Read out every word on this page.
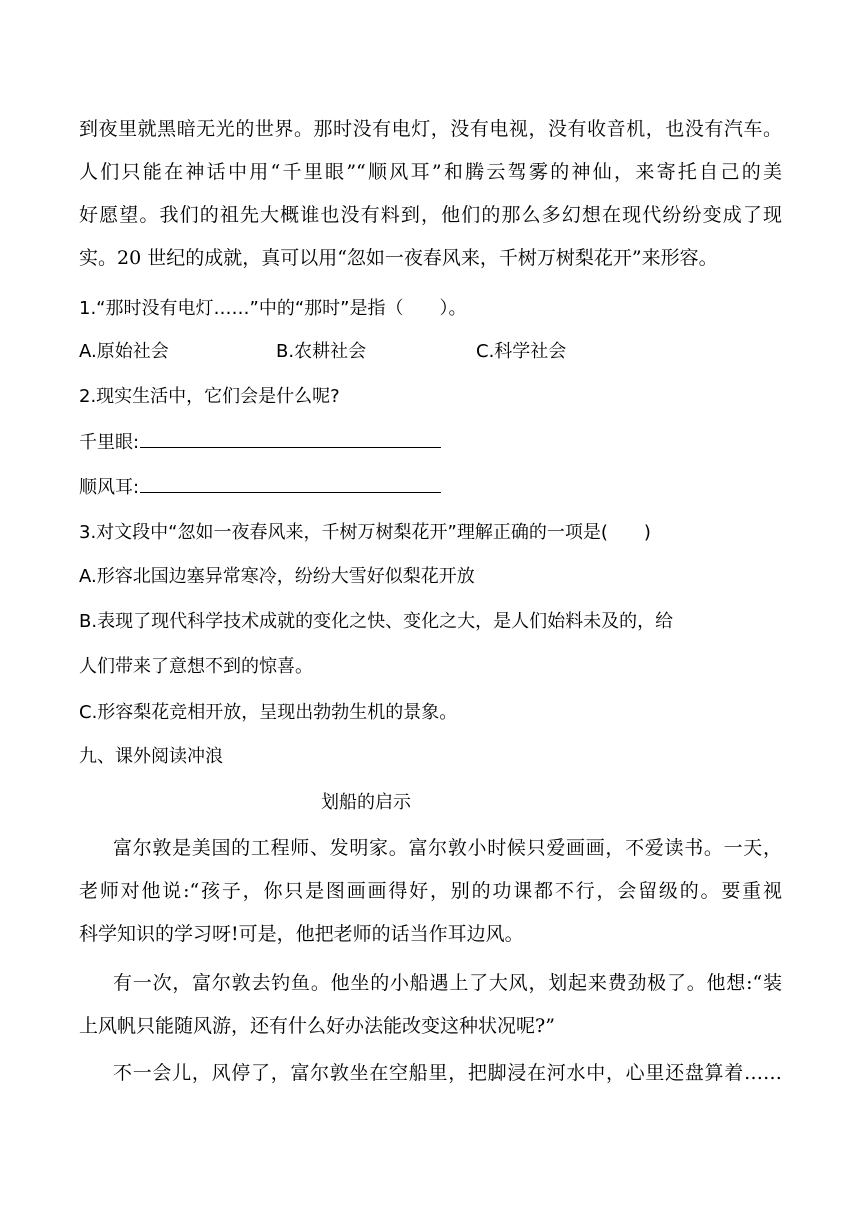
到夜里就黑暗无光的世界。那时没有电灯，没有电视，没有收音机，也没有汽车。
人们只能在神话中用“千里眼”“顺风耳”和腾云驾雾的神仙，来寄托自己的美
好愿望。我们的祖先大概谁也没有料到，他们的那么多幻想在现代纷纷变成了现
实。20 世纪的成就，真可以用“忽如一夜春风来，千树万树梨花开”来形容。
1.“那时没有电灯……”中的“那时”是指（　　）。
A.原始社会	B.农耕社会	C.科学社会
2.现实生活中，它们会是什么呢?
千里眼:
顺风耳:
3.对文段中“忽如一夜春风来，千树万树梨花开”理解正确的一项是(　　)
A.形容北国边塞异常寒冷，纷纷大雪好似梨花开放
B.表现了现代科学技术成就的变化之快、变化之大，是人们始料未及的，给
人们带来了意想不到的惊喜。
C.形容梨花竞相开放，呈现出勃勃生机的景象。
九、课外阅读冲浪
划船的启示
富尔敦是美国的工程师、发明家。富尔敦小时候只爱画画，不爱读书。一天，
老师对他说:“孩子，你只是图画画得好，别的功课都不行，会留级的。要重视
科学知识的学习呀!可是，他把老师的话当作耳边风。
有一次，富尔敦去钓鱼。他坐的小船遇上了大风，划起来费劲极了。他想:“装
上风帆只能随风游，还有什么好办法能改变这种状况呢?”
不一会儿，风停了，富尔敦坐在空船里，把脚浸在河水中，心里还盘算着……
